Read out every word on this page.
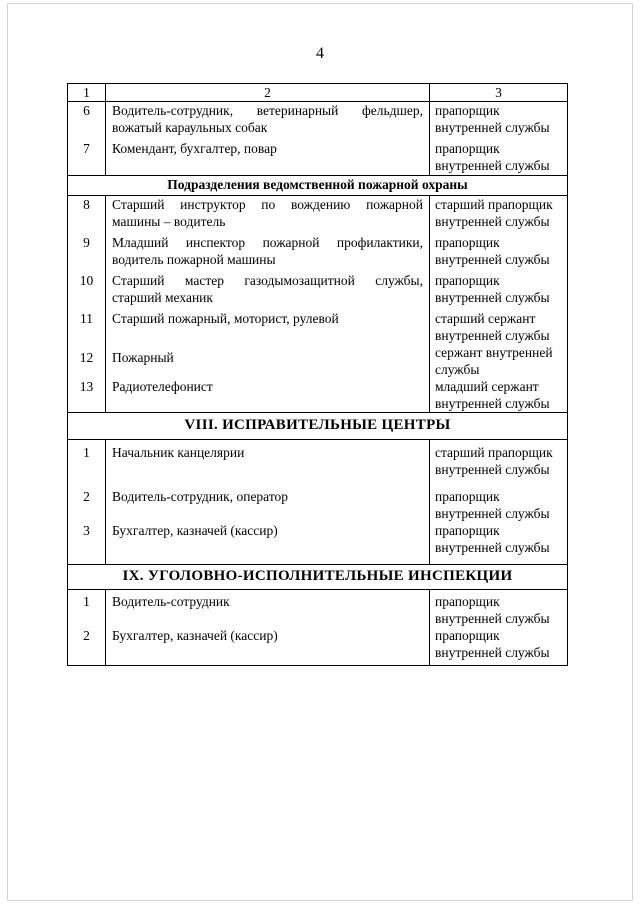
4
1	2	3
6	Водитель-сотрудник, ветеринарный фельдшер, вожатый караульных собак	прапорщик внутренней службы
7	Комендант, бухгалтер, повар	прапорщик внутренней службы
Подразделения ведомственной пожарной охраны		
8	Старший инструктор по вождению пожарной машины – водитель	старший прапорщик внутренней службы
9	Младший инспектор пожарной профилактики, водитель пожарной машины	прапорщик внутренней службы
10	Старший мастер газодымозащитной службы, старший механик	прапорщик внутренней службы
11	Старший пожарный, моторист, рулевой	старший сержант внутренней службы
12	Пожарный	сержант внутренней службы
13	Радиотелефонист	младший сержант внутренней службы
VIII. ИСПРАВИТЕЛЬНЫЕ ЦЕНТРЫ		
1	Начальник канцелярии	старший прапорщик внутренней службы
2	Водитель-сотрудник, оператор	прапорщик внутренней службы
3	Бухгалтер, казначей (кассир)	прапорщик внутренней службы
IX. УГОЛОВНО-ИСПОЛНИТЕЛЬНЫЕ ИНСПЕКЦИИ		
1	Водитель-сотрудник	прапорщик внутренней службы
2	Бухгалтер, казначей (кассир)	прапорщик внутренней службы
